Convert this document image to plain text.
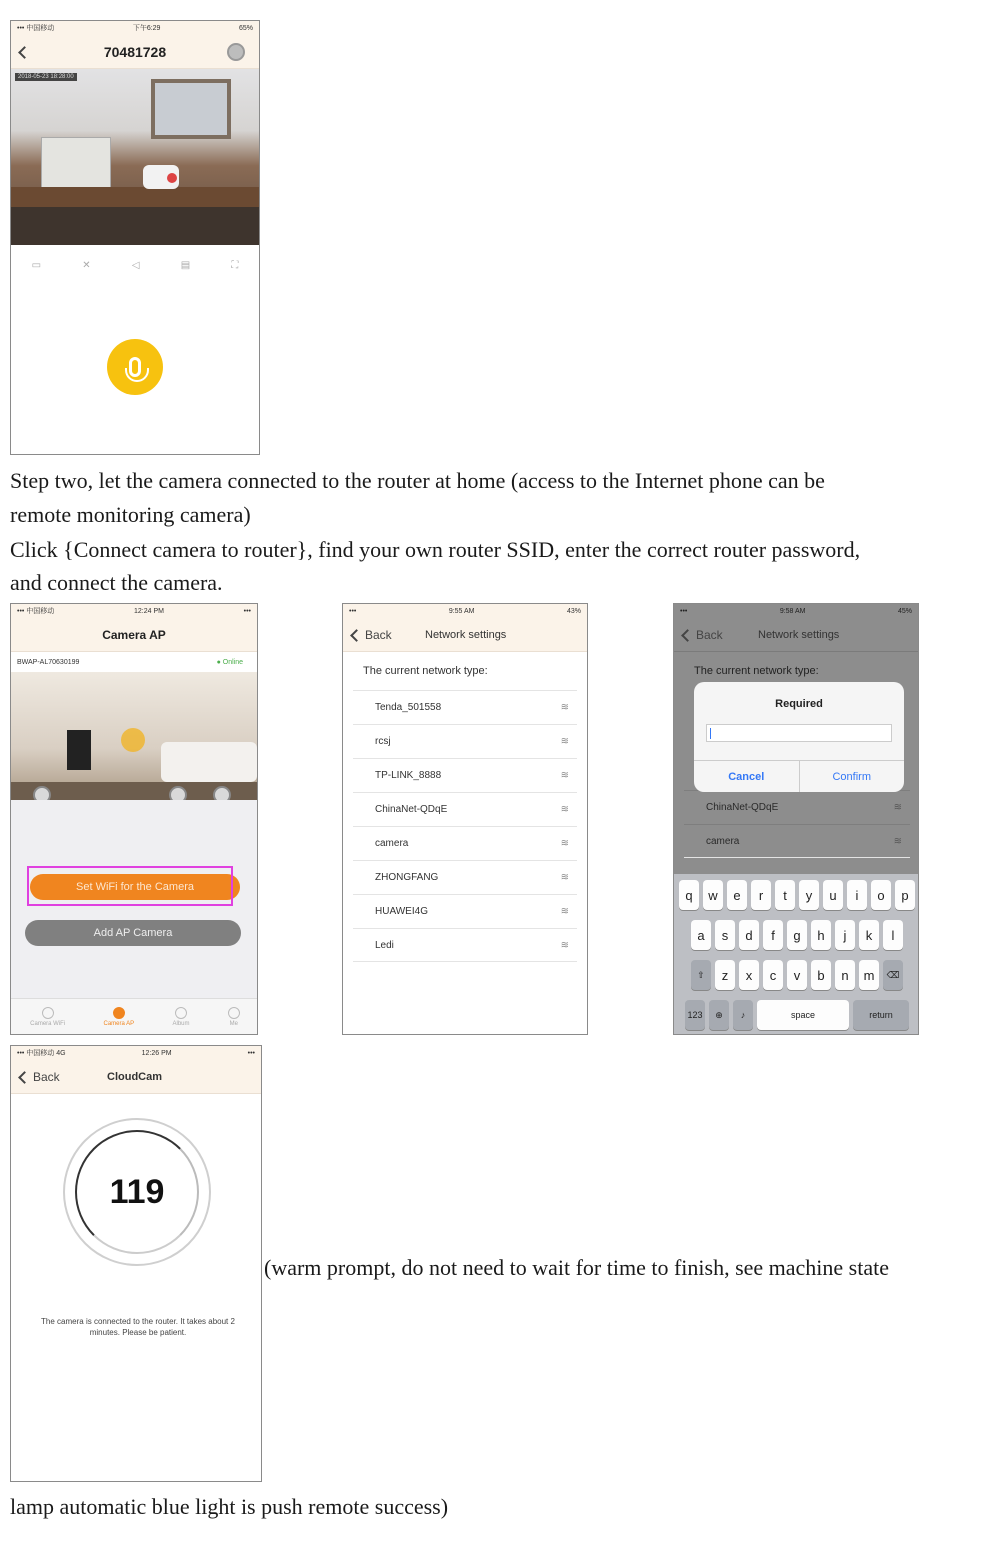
••• 中国移动	下午6:29	65%
70481728
2018-05-23 18:28:00
▭	✕	◁	▤	⛶
Step two, let the camera connected to the router at home (access to the Internet phone can be
remote monitoring camera)
Click {Connect camera to router}, find your own router SSID, enter the correct router password,
and connect the camera.
••• 中国移动	12:24 PM	•••
Camera AP
BWAP-AL70630199	● Online
Set WiFi for the Camera
Add AP Camera
Camera WiFi	Camera AP	Album	Me
•••	9:55 AM	43%
Back	Network settings
The current network type:
Tenda_501558	≋
rcsj	≋
TP-LINK_8888	≋
ChinaNet-QDqE	≋
camera	≋
ZHONGFANG	≋
HUAWEI4G	≋
Ledi	≋
•••	9:58 AM	45%
Back	Network settings
The current network type:
ChinaNet-QDqE	≋
camera	≋
Required
Cancel	Confirm
q	w	e	r	t	y	u	i	o	p
a	s	d	f	g	h	j	k	l
⇧	z	x	c	v	b	n	m	⌫
123	⊕	♪	space	return
••• 中国移动 4G	12:26 PM	•••
Back	CloudCam
119
The camera is connected to the router. It takes about 2 minutes. Please be patient.
(warm prompt, do not need to wait for time to finish, see machine state
lamp automatic blue light is push remote success)
